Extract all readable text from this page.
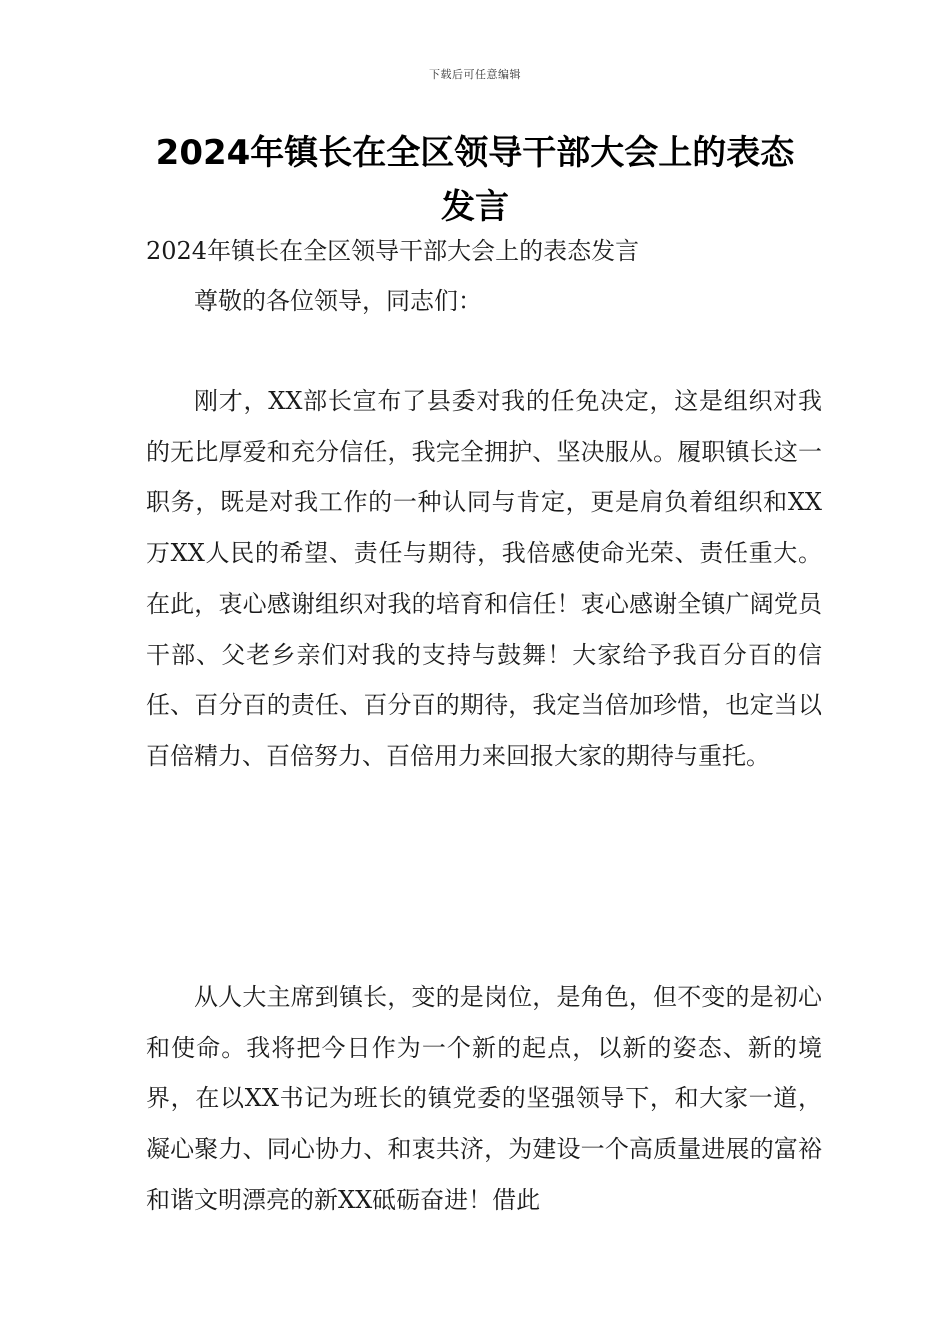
下载后可任意编辑
2024年镇长在全区领导干部大会上的表态发言

2024年镇长在全区领导干部大会上的表态发言

尊敬的各位领导，同志们：

刚才，XX部长宣布了县委对我的任免决定，这是组织对我的无比厚爱和充分信任，我完全拥护、坚决服从。履职镇长这一职务，既是对我工作的一种认同与肯定，更是肩负着组织和XX万XX人民的希望、责任与期待，我倍感使命光荣、责任重大。在此，衷心感谢组织对我的培育和信任！衷心感谢全镇广阔党员干部、父老乡亲们对我的支持与鼓舞！大家给予我百分百的信任、百分百的责任、百分百的期待，我定当倍加珍惜，也定当以百倍精力、百倍努力、百倍用力来回报大家的期待与重托。

从人大主席到镇长，变的是岗位，是角色，但不变的是初心和使命。我将把今日作为一个新的起点，以新的姿态、新的境界，在以XX书记为班长的镇党委的坚强领导下，和大家一道，凝心聚力、同心协力、和衷共济，为建设一个高质量进展的富裕和谐文明漂亮的新XX砥砺奋进！借此
